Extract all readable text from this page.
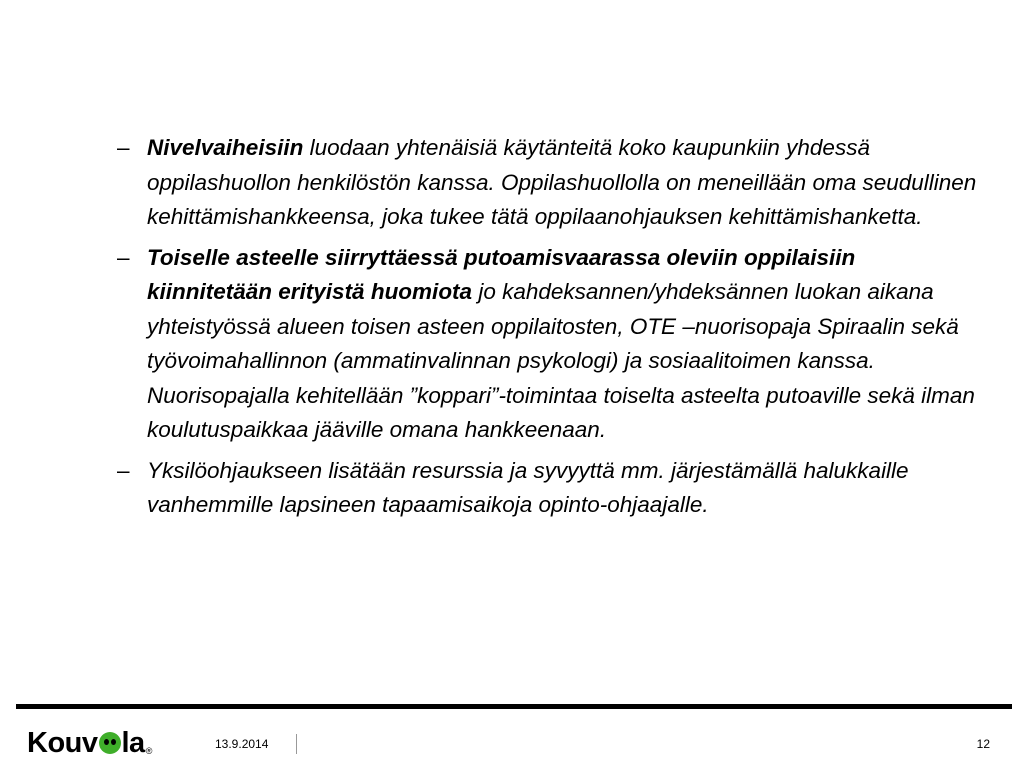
– Nivelvaiheisiin luodaan yhtenäisiä käytänteitä koko kaupunkiin yhdessä oppilashuollon henkilöstön kanssa. Oppilashuollolla on meneillään oma seudullinen kehittämishankkeensa, joka tukee tätä oppilaanohjauksen kehittämishanketta.
– Toiselle asteelle siirryttäessä putoamisvaarassa oleviin oppilaisiin kiinnitetään erityistä huomiota jo kahdeksannen/yhdeksännen luokan aikana yhteistyössä alueen toisen asteen oppilaitosten, OTE –nuorisopaja Spiraalin sekä työvoimahallinnon (ammatinvalinnan psykologi) ja sosiaalitoimen kanssa. Nuorisopajalla kehitellään ”koppari”-toimintaa toiselta asteelta putoaville sekä ilman koulutuspaikkaa jääville omana hankkeenaan.
– Yksilöohjaukseen lisätään resurssia ja syvyyttä mm. järjestämällä halukkaille vanhemmille lapsineen tapaamisaikoja opinto-ohjaajalle.
Kouv la®	13.9.2014	12
